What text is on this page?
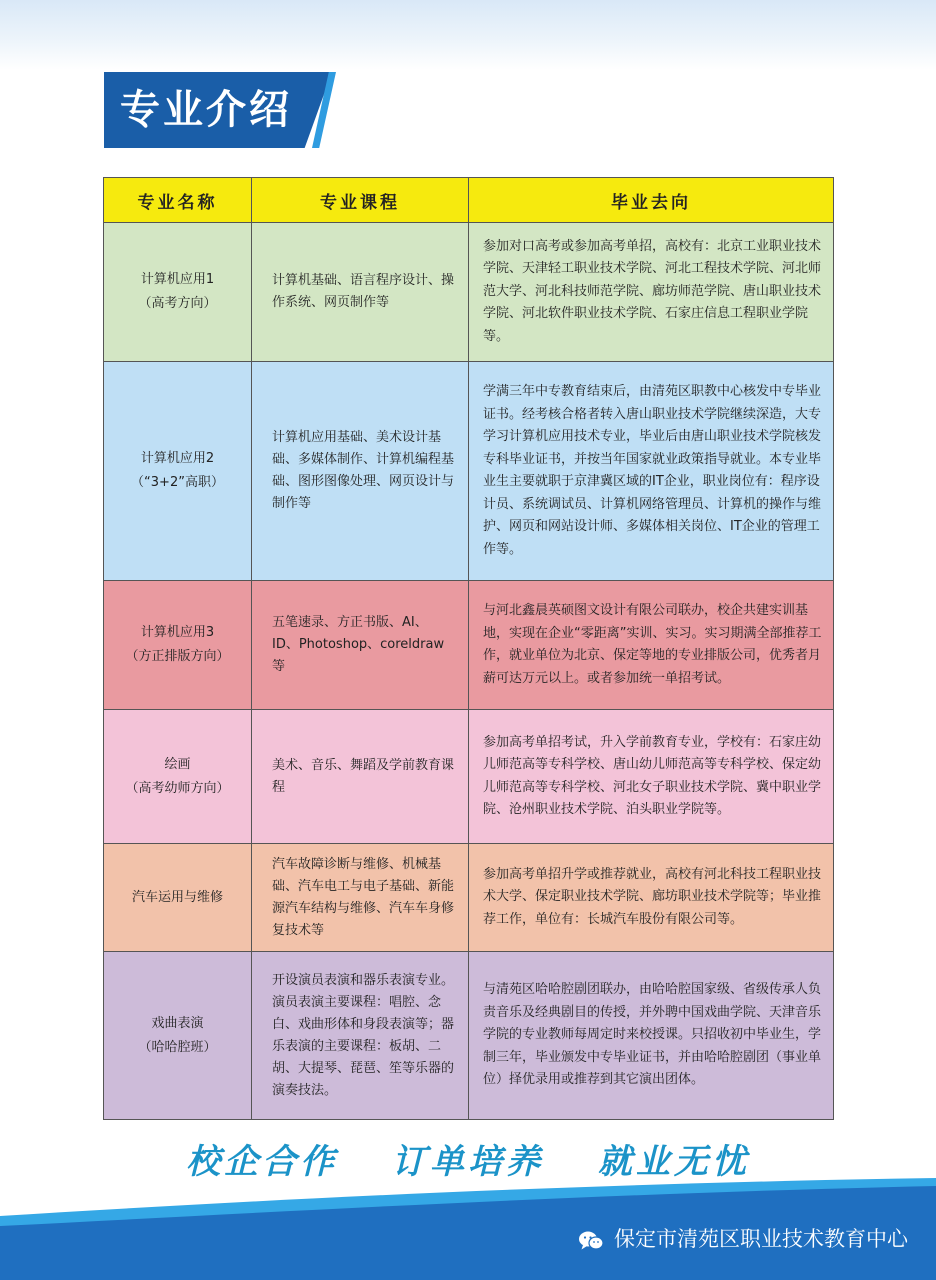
专业介绍
专业名称	专业课程	毕业去向

计算机应用1
（高考方向）	计算机基础、语言程序设计、操作系统、网页制作等	参加对口高考或参加高考单招，高校有：北京工业职业技术学院、天津轻工职业技术学院、河北工程技术学院、河北师范大学、河北科技师范学院、廊坊师范学院、唐山职业技术学院、河北软件职业技术学院、石家庄信息工程职业学院等。

计算机应用2
（“3+2”高职）	计算机应用基础、美术设计基础、多媒体制作、计算机编程基础、图形图像处理、网页设计与制作等	学满三年中专教育结束后，由清苑区职教中心核发中专毕业证书。经考核合格者转入唐山职业技术学院继续深造，大专学习计算机应用技术专业，毕业后由唐山职业技术学院核发专科毕业证书，并按当年国家就业政策指导就业。本专业毕业生主要就职于京津冀区域的IT企业，职业岗位有：程序设计员、系统调试员、计算机网络管理员、计算机的操作与维护、网页和网站设计师、多媒体相关岗位、IT企业的管理工作等。

计算机应用3
（方正排版方向）	五笔速录、方正书版、AI、ID、Photoshop、coreldraw等	与河北鑫晨英硕图文设计有限公司联办，校企共建实训基地，实现在企业“零距离”实训、实习。实习期满全部推荐工作，就业单位为北京、保定等地的专业排版公司，优秀者月薪可达万元以上。或者参加统一单招考试。

绘画
（高考幼师方向）	美术、音乐、舞蹈及学前教育课程	参加高考单招考试，升入学前教育专业，学校有：石家庄幼儿师范高等专科学校、唐山幼儿师范高等专科学校、保定幼儿师范高等专科学校、河北女子职业技术学院、冀中职业学院、沧州职业技术学院、泊头职业学院等。

汽车运用与维修	汽车故障诊断与维修、机械基础、汽车电工与电子基础、新能源汽车结构与维修、汽车车身修复技术等	参加高考单招升学或推荐就业，高校有河北科技工程职业技术大学、保定职业技术学院、廊坊职业技术学院等；毕业推荐工作，单位有：长城汽车股份有限公司等。

戏曲表演
（哈哈腔班）	开设演员表演和器乐表演专业。演员表演主要课程：唱腔、念白、戏曲形体和身段表演等；器乐表演的主要课程：板胡、二胡、大提琴、琵琶、笙等乐器的演奏技法。	与清苑区哈哈腔剧团联办，由哈哈腔国家级、省级传承人负责音乐及经典剧目的传授，并外聘中国戏曲学院、天津音乐学院的专业教师每周定时来校授课。只招收初中毕业生，学制三年，毕业颁发中专毕业证书，并由哈哈腔剧团（事业单位）择优录用或推荐到其它演出团体。
校企合作 订单培养 就业无忧
保定市清苑区职业技术教育中心
